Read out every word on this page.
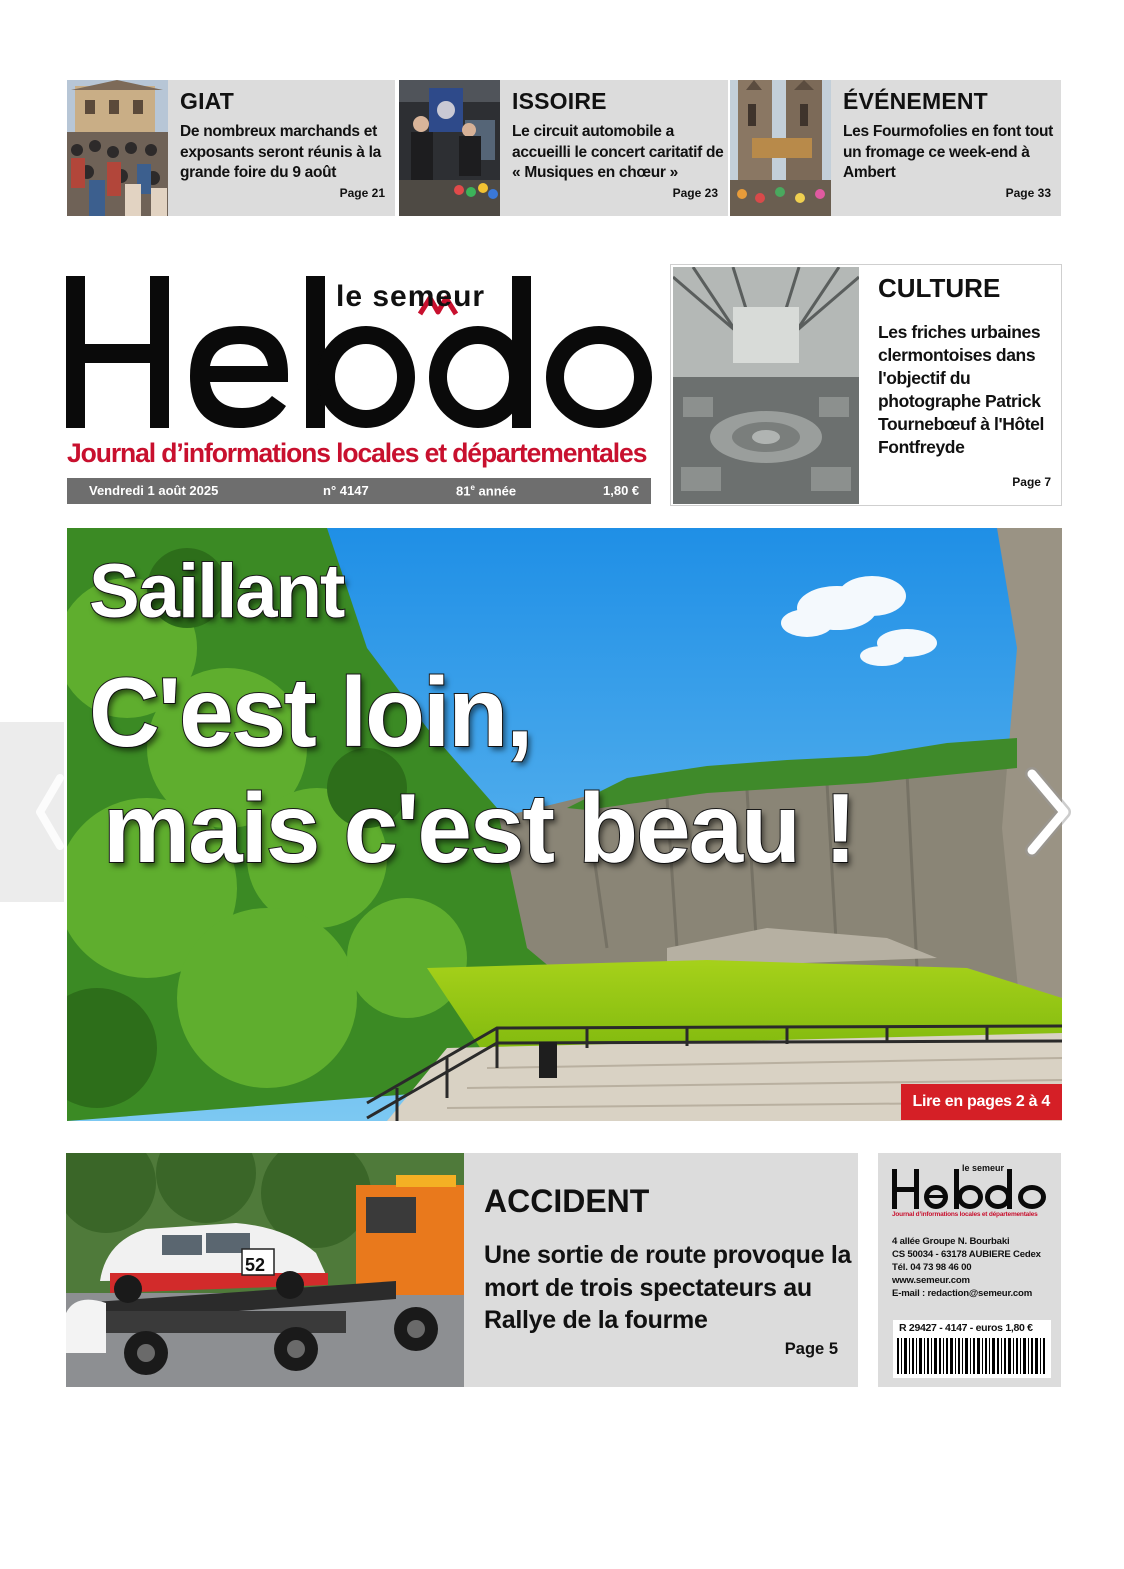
GIAT
De nombreux marchands et exposants seront réunis à la grande foire du 9 août
Page 21
ISSOIRE
Le circuit automobile a accueilli le concert caritatif de « Musiques en chœur »
Page 23
ÉVÉNEMENT
Les Fourmofolies en font tout un fromage ce week-end à Ambert
Page 33
le semeur
Journal d’informations locales et départementales
Vendredi 1 août 2025	n° 4147	81e année	1,80 €
CULTURE
Les friches urbaines clermontoises dans l'objectif du photographe Patrick Tournebœuf à l'Hôtel Fontfreyde
Page 7
Saillant
C'est loin,
mais c'est beau !
Lire en pages 2 à 4
52
ACCIDENT
Une sortie de route provoque la mort de trois spectateurs au Rallye de la fourme
Page 5
le semeur
Journal d’informations locales et départementales
4 allée Groupe N. Bourbaki
CS 50034 - 63178 AUBIERE Cedex
Tél. 04 73 98 46 00
www.semeur.com
E-mail : redaction@semeur.com
R 29427 - 4147 - euros 1,80 €
